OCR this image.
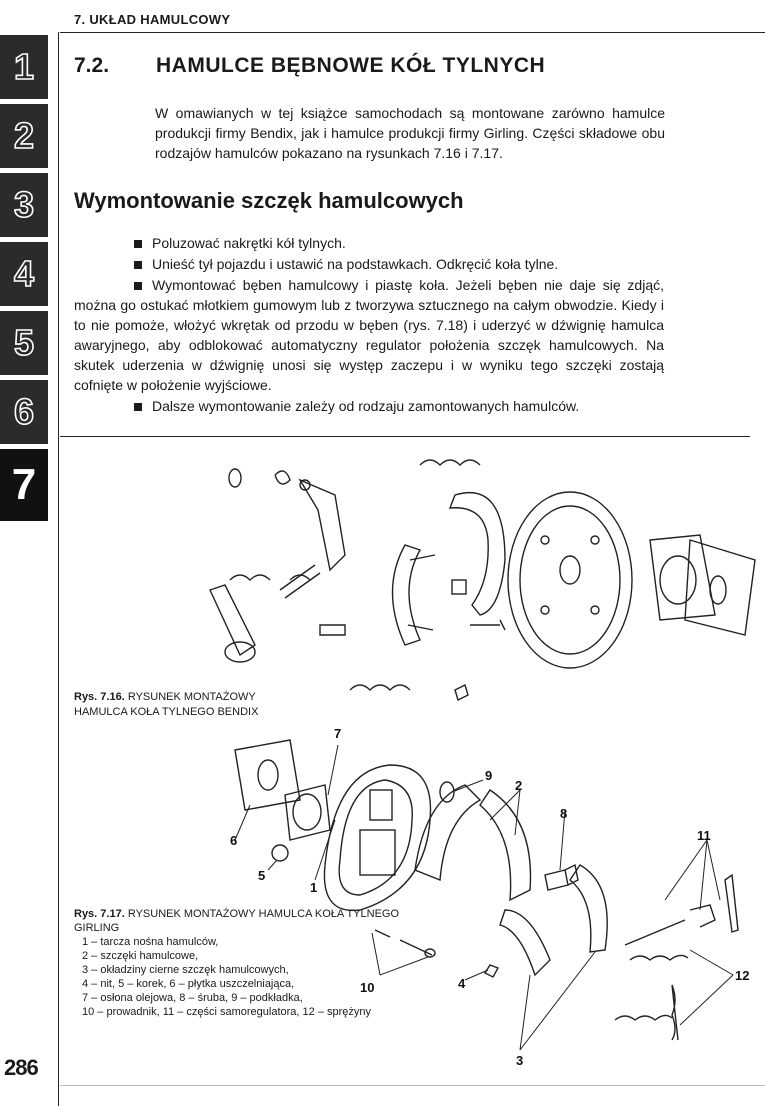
7. UKŁAD HAMULCOWY
1
2
3
4
5
6
7
7.2. HAMULCE BĘBNOWE KÓŁ TYLNYCH
W omawianych w tej książce samochodach są montowane zarówno hamulce produkcji firmy Bendix, jak i hamulce produkcji firmy Girling. Części składowe obu rodzajów hamulców pokazano na rysunkach 7.16 i 7.17.
Wymontowanie szczęk hamulcowych

Poluzować nakrętki kół tylnych.

Unieść tył pojazdu i ustawić na podstawkach. Odkręcić koła tylne.

Wymontować bęben hamulcowy i piastę koła. Jeżeli bęben nie daje się zdjąć, można go ostukać młotkiem gumowym lub z tworzywa sztucznego na całym obwodzie. Kiedy i to nie pomoże, włożyć wkrętak od przodu w bęben (rys. 7.18) i uderzyć w dźwignię hamulca awaryjnego, aby odblokować automatyczny regulator położenia szczęk hamulcowych. Na skutek uderzenia w dźwignię unosi się występ zaczepu i w wyniku tego szczęki zostają cofnięte w położenie wyjściowe.

Dalsze wymontowanie zależy od rodzaju zamontowanych hamulców.

7
9
2
8
11
12
6
5
1
10	4
3
Rys. 7.16. RYSUNEK MONTAŻOWY HAMULCA KOŁA TYLNEGO BENDIX
Rys. 7.17. RYSUNEK MONTAŻOWY HAMULCA KOŁA TYLNEGO GIRLING
1 – tarcza nośna hamulców,
2 – szczęki hamulcowe,
3 – okładziny cierne szczęk hamulcowych,
4 – nit, 5 – korek, 6 – płytka uszczelniająca,
7 – osłona olejowa, 8 – śruba, 9 – podkładka,
10 – prowadnik, 11 – części samoregulatora, 12 – sprężyny
286
